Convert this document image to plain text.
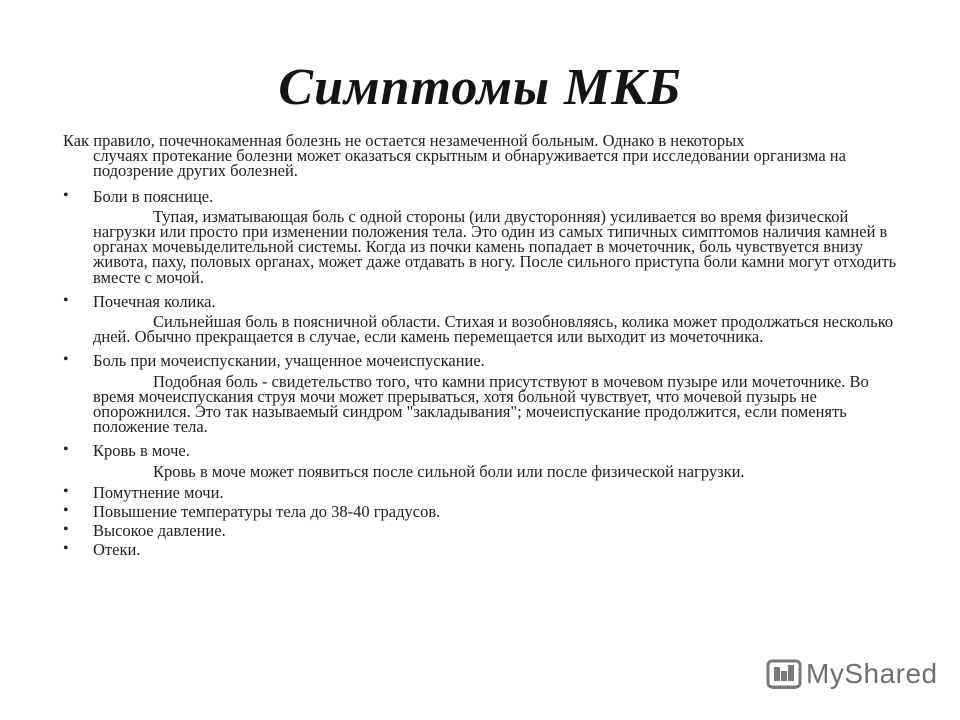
Симптомы МКБ

Как правило, почечнокаменная болезнь не остается незамеченной больным. Однако в некоторых
случаях протекание болезни может оказаться скрытным и обнаруживается при исследовании организма на подозрение других болезней.

• Боли в пояснице.
Тупая, изматывающая боль с одной стороны (или двусторонняя) усиливается во время физической нагрузки или просто при изменении положения тела. Это один из самых типичных симптомов наличия камней в органах мочевыделительной системы. Когда из почки камень попадает в мочеточник, боль чувствуется внизу живота, паху, половых органах, может даже отдавать в ногу. После сильного приступа боли камни могут отходить вместе с мочой.
• Почечная колика.
Сильнейшая боль в поясничной области. Стихая и возобновляясь, колика может продолжаться несколько дней. Обычно прекращается в случае, если камень перемещается или выходит из мочеточника.
• Боль при мочеиспускании, учащенное мочеиспускание.
Подобная боль - свидетельство того, что камни присутствуют в мочевом пузыре или мочеточнике. Во время мочеиспускания струя мочи может прерываться, хотя больной чувствует, что мочевой пузырь не опорожнился. Это так называемый синдром "закладывания"; мочеиспускание продолжится, если поменять положение тела.
• Кровь в моче.
Кровь в моче может появиться после сильной боли или после физической нагрузки.
• Помутнение мочи.
• Повышение температуры тела до 38-40 градусов.
• Высокое давление.
• Отеки.
MyShared
